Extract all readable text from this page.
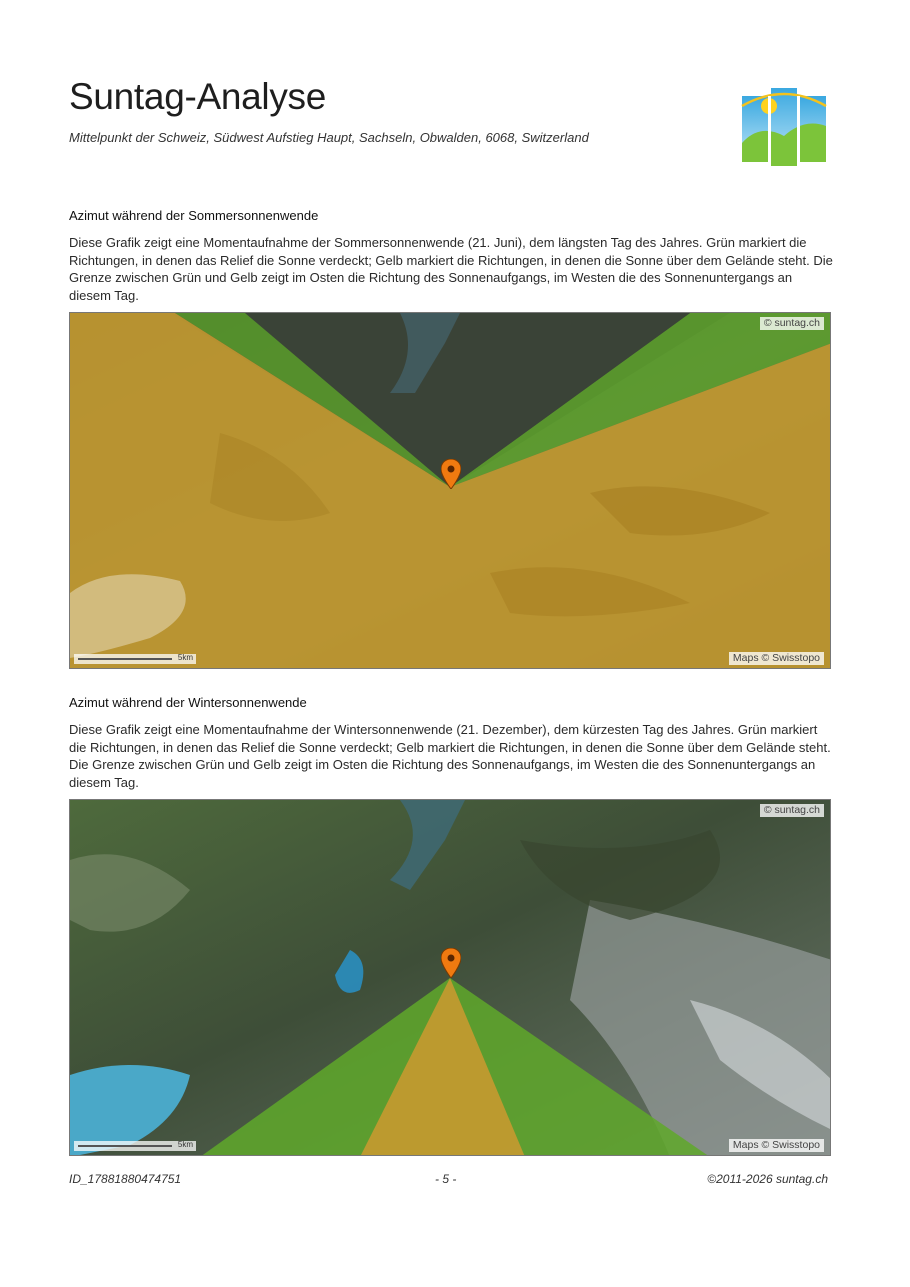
Suntag-Analyse
Mittelpunkt der Schweiz, Südwest Aufstieg Haupt, Sachseln, Obwalden, 6068, Switzerland
Azimut während der Sommersonnenwende
Diese Grafik zeigt eine Momentaufnahme der Sommersonnenwende (21. Juni), dem längsten Tag des Jahres. Grün markiert die Richtungen, in denen das Relief die Sonne verdeckt; Gelb markiert die Richtungen, in denen die Sonne über dem Gelände steht. Die Grenze zwischen Grün und Gelb zeigt im Osten die Richtung des Sonnenaufgangs, im Westen die des Sonnenuntergangs an diesem Tag.
© suntag.ch
Maps © Swisstopo
5km
Azimut während der Wintersonnenwende
Diese Grafik zeigt eine Momentaufnahme der Wintersonnenwende (21. Dezember), dem kürzesten Tag des Jahres. Grün markiert die Richtungen, in denen das Relief die Sonne verdeckt; Gelb markiert die Richtungen, in denen die Sonne über dem Gelände steht. Die Grenze zwischen Grün und Gelb zeigt im Osten die Richtung des Sonnenaufgangs, im Westen die des Sonnenuntergangs an diesem Tag.
© suntag.ch
Maps © Swisstopo
5km
ID_17881880474751	- 5 -	©2011-2026 suntag.ch
